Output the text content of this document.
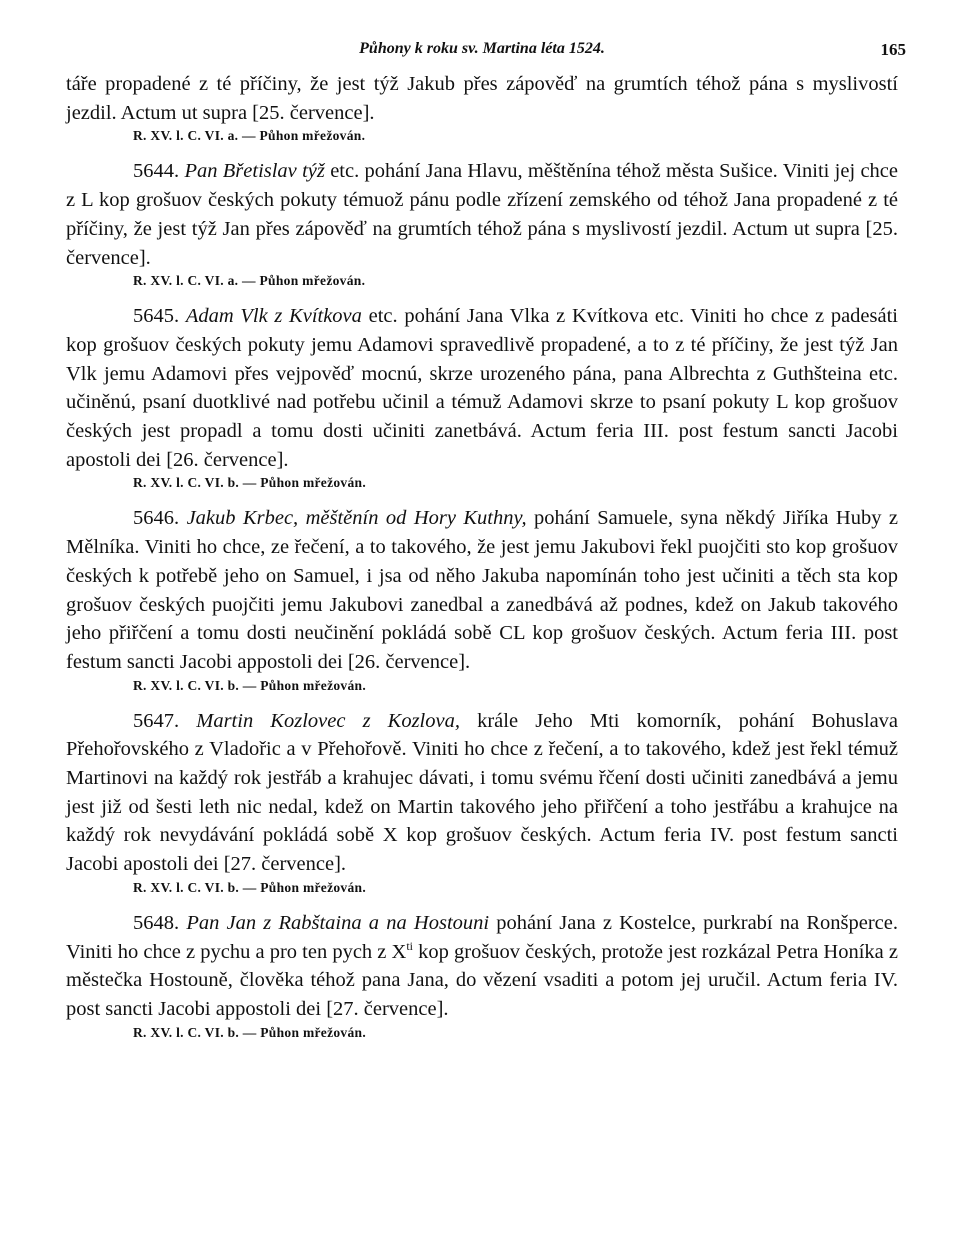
Půhony k roku sv. Martina léta 1524.	165

táře propadené z té příčiny, že jest týž Jakub přes zápověď na grumtích téhož pána s myslivostí jezdil. Actum ut supra [25. července].

R. XV. l. C. VI. a. — Půhon mřežován.

5644. Pan Břetislav týž etc. pohání Jana Hlavu, měštěnína téhož města Sušice. Viniti jej chce z L kop grošuov českých pokuty témuož pánu podle zřízení zemského od téhož Jana propadené z té příčiny, že jest týž Jan přes zápověď na grumtích téhož pána s myslivostí jezdil. Actum ut supra [25. července].

R. XV. l. C. VI. a. — Půhon mřežován.

5645. Adam Vlk z Kvítkova etc. pohání Jana Vlka z Kvítkova etc. Viniti ho chce z padesáti kop grošuov českých pokuty jemu Adamovi spravedlivě propadené, a to z té příčiny, že jest týž Jan Vlk jemu Adamovi přes vejpověď mocnú, skrze urozeného pána, pana Albrechta z Guthšteina etc. učiněnú, psaní duotklivé nad potřebu učinil a témuž Adamovi skrze to psaní pokuty L kop grošuov českých jest propadl a tomu dosti učiniti zanetbává. Actum feria III. post festum sancti Jacobi apostoli dei [26. července].

R. XV. l. C. VI. b. — Půhon mřežován.

5646. Jakub Krbec, měštěnín od Hory Kuthny, pohání Samuele, syna někdý Jiříka Huby z Mělníka. Viniti ho chce, ze řečení, a to takového, že jest jemu Jakubovi řekl puojčiti sto kop grošuov českých k potřebě jeho on Samuel, i jsa od něho Jakuba napomínán toho jest učiniti a těch sta kop grošuov českých puojčiti jemu Jakubovi zanedbal a zanedbává až podnes, kdež on Jakub takového jeho přiřčení a tomu dosti neučinění pokládá sobě CL kop grošuov českých. Actum feria III. post festum sancti Jacobi appostoli dei [26. července].

R. XV. l. C. VI. b. — Půhon mřežován.

5647. Martin Kozlovec z Kozlova, krále Jeho Mti komorník, pohání Bohuslava Přehořovského z Vladořic a v Přehořově. Viniti ho chce z řečení, a to takového, kdež jest řekl témuž Martinovi na každý rok jestřáb a krahujec dávati, i tomu svému řčení dosti učiniti zanedbává a jemu jest již od šesti leth nic nedal, kdež on Martin takového jeho přiřčení a toho jestřábu a krahujce na každý rok nevydávání pokládá sobě X kop grošuov českých. Actum feria IV. post festum sancti Jacobi apostoli dei [27. července].

R. XV. l. C. VI. b. — Půhon mřežován.

5648. Pan Jan z Rabštaina a na Hostouni pohání Jana z Kostelce, purkrabí na Ronšperce. Viniti ho chce z pychu a pro ten pych z $X^{ti}$ kop grošuov českých, protože jest rozkázal Petra Honíka z městečka Hostouně, člověka téhož pana Jana, do vězení vsaditi a potom jej uručil. Actum feria IV. post sancti Jacobi appostoli dei [27. července].

R. XV. l. C. VI. b. — Půhon mřežován.
